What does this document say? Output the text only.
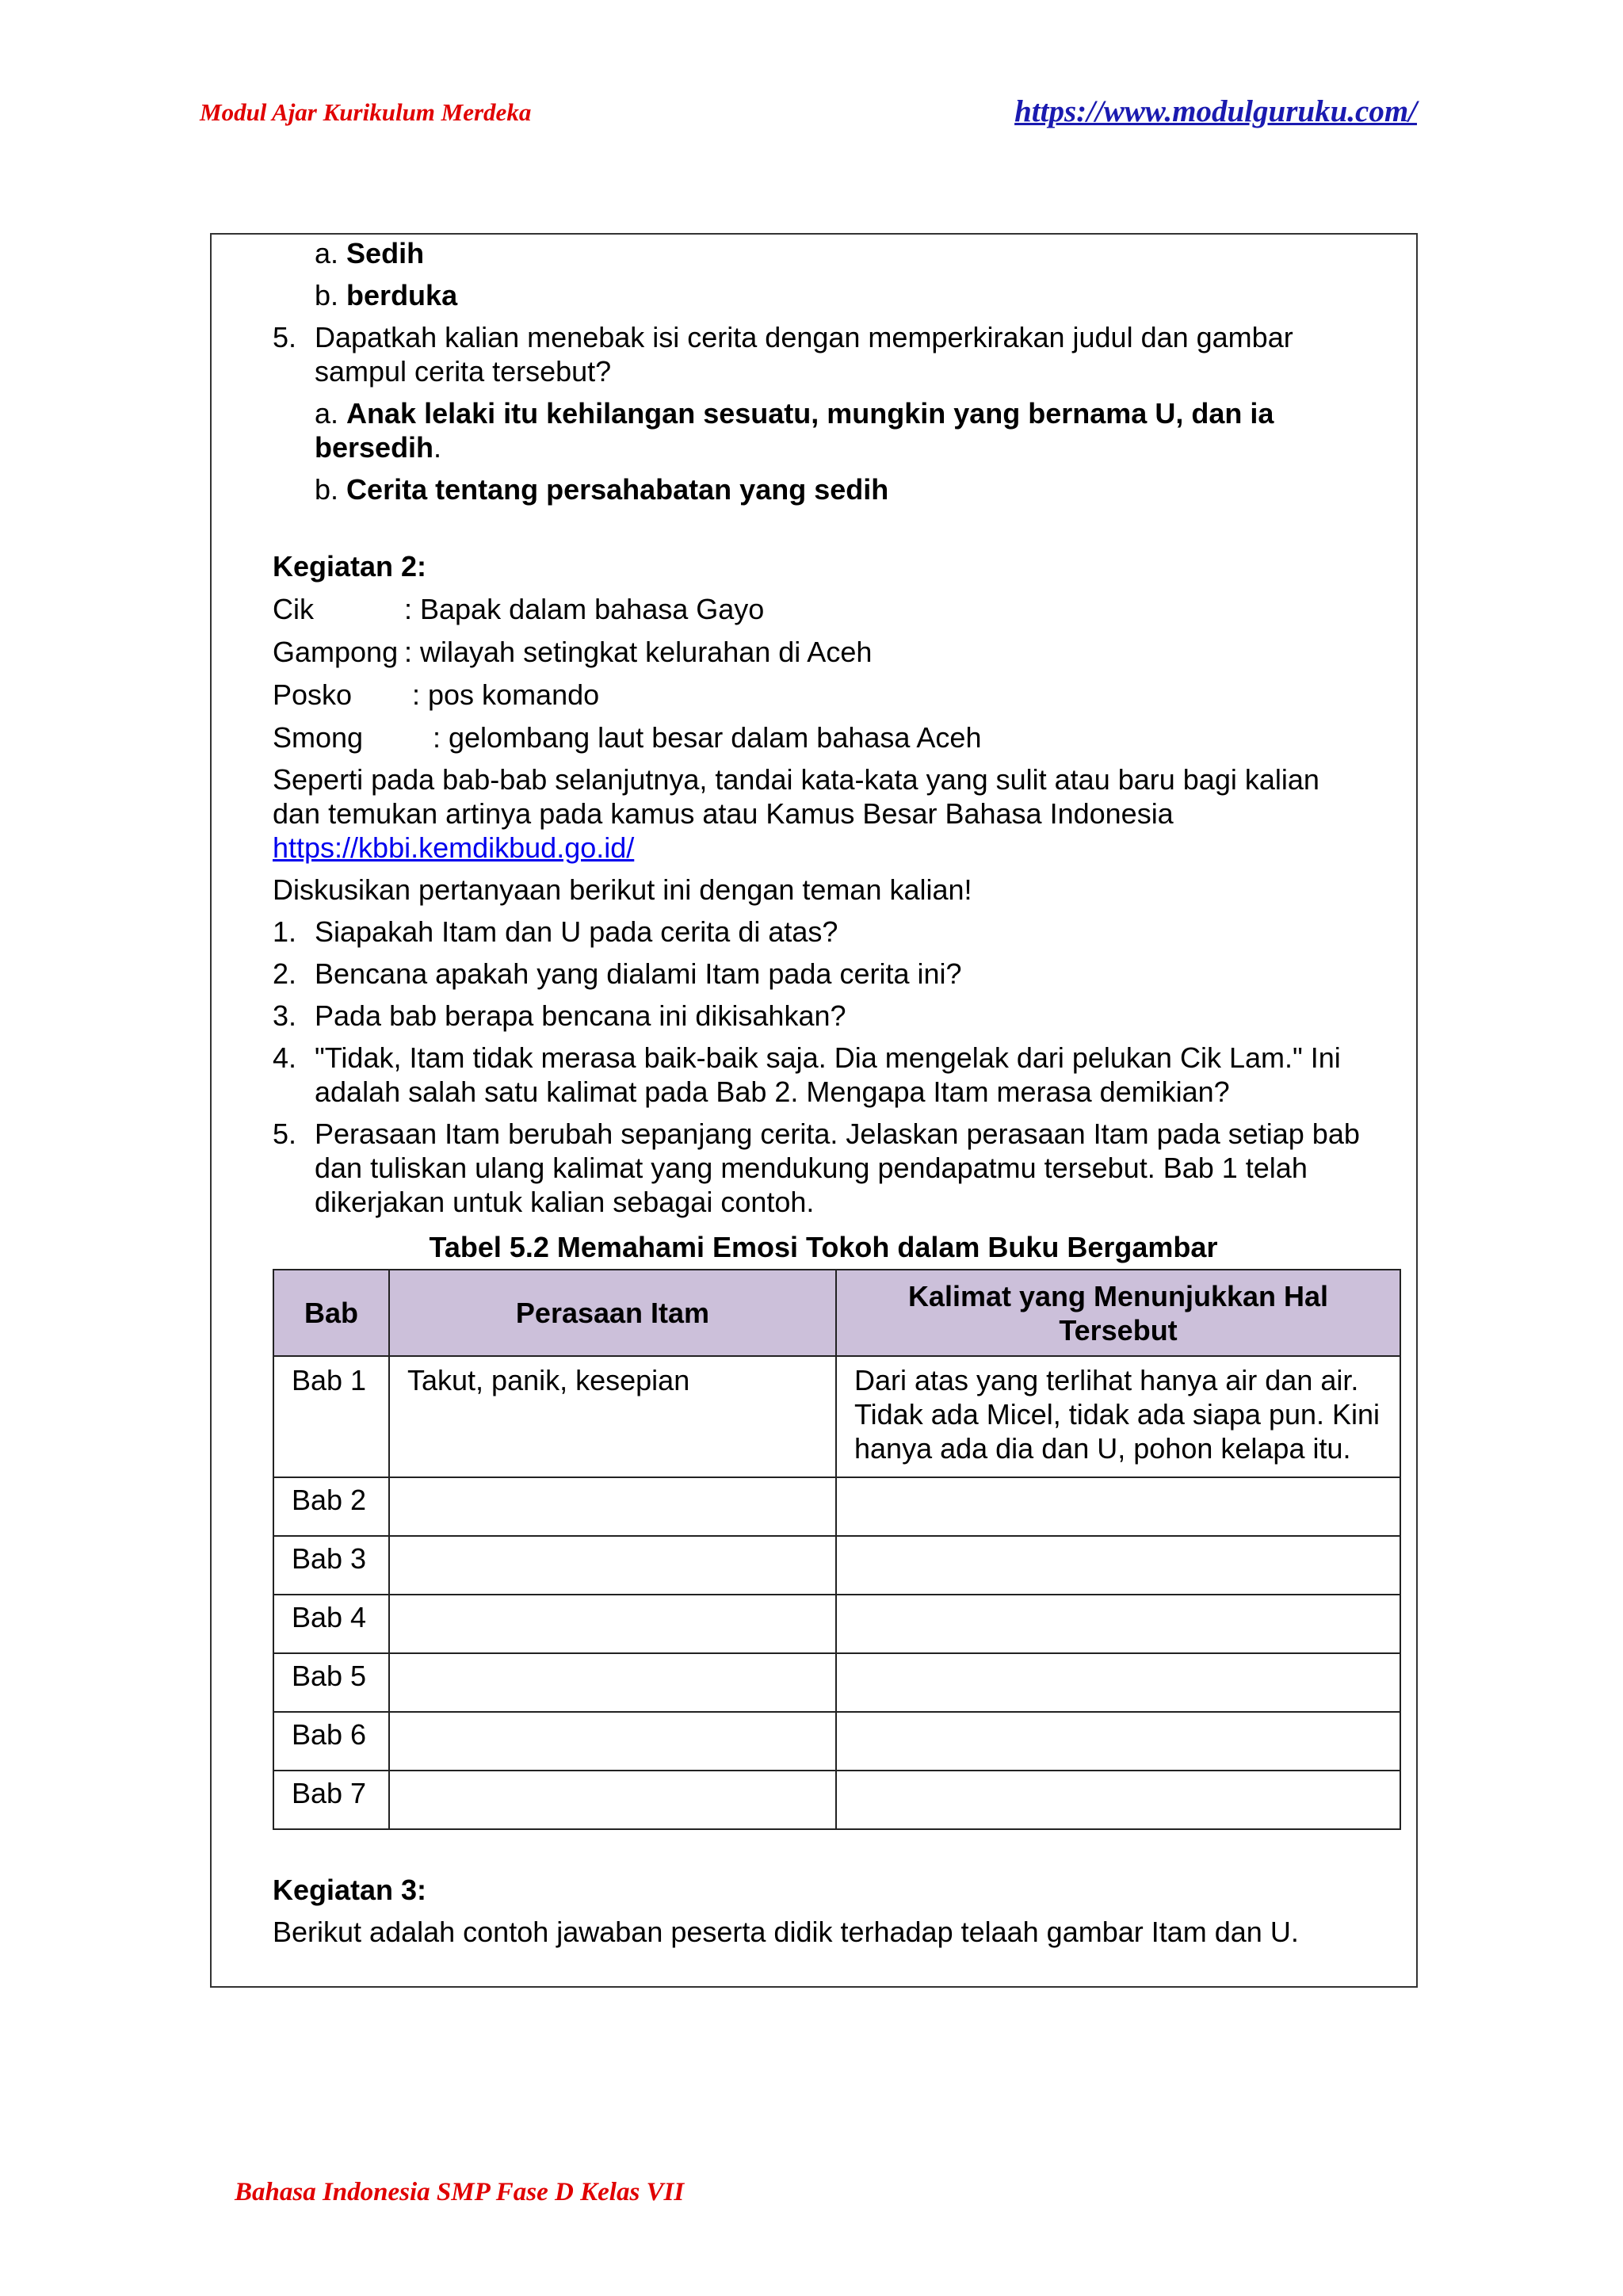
Modul Ajar Kurikulum Merdeka	https://www.modulguruku.com/

a. Sedih

b. berduka

5. Dapatkah kalian menebak isi cerita dengan memperkirakan judul dan gambar sampul cerita tersebut?

a. Anak lelaki itu kehilangan sesuatu, mungkin yang bernama U, dan ia bersedih.

b. Cerita tentang persahabatan yang sedih

Kegiatan 2:

Cik	: Bapak dalam bahasa Gayo
Gampong : wilayah setingkat kelurahan di Aceh
Posko	: pos komando
Smong	: gelombang laut besar dalam bahasa Aceh

Seperti pada bab-bab selanjutnya, tandai kata-kata yang sulit atau baru bagi kalian dan temukan artinya pada kamus atau Kamus Besar Bahasa Indonesia https://kbbi.kemdikbud.go.id/

Diskusikan pertanyaan berikut ini dengan teman kalian!

1. Siapakah Itam dan U pada cerita di atas?
2. Bencana apakah yang dialami Itam pada cerita ini?
3. Pada bab berapa bencana ini dikisahkan?
4. "Tidak, Itam tidak merasa baik-baik saja. Dia mengelak dari pelukan Cik Lam." Ini adalah salah satu kalimat pada Bab 2. Mengapa Itam merasa demikian?
5. Perasaan Itam berubah sepanjang cerita. Jelaskan perasaan Itam pada setiap bab dan tuliskan ulang kalimat yang mendukung pendapatmu tersebut. Bab 1 telah dikerjakan untuk kalian sebagai contoh.

Tabel 5.2 Memahami Emosi Tokoh dalam Buku Bergambar

Bab	Perasaan Itam	Kalimat yang Menunjukkan Hal Tersebut
Bab 1	Takut, panik, kesepian	Dari atas yang terlihat hanya air dan air. Tidak ada Micel, tidak ada siapa pun. Kini hanya ada dia dan U, pohon kelapa itu.
Bab 2		
Bab 3		
Bab 4		
Bab 5		
Bab 6		
Bab 7		

Kegiatan 3:

Berikut adalah contoh jawaban peserta didik terhadap telaah gambar Itam dan U.

Bahasa Indonesia SMP Fase D Kelas VII
